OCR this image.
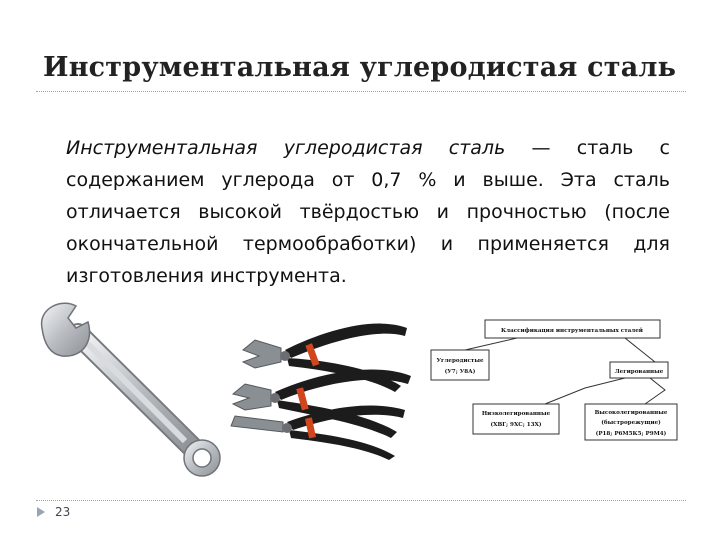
Инструментальная углеродистая сталь
Инструментальная углеродистая сталь — сталь с содержанием углерода от 0,7 % и выше. Эта сталь отличается высокой твёрдостью и прочностью (после окончательной термообработки) и применяется для изготовления инструмента.
Классификация инструментальных сталей
Углеродистые
(У7; У8А)	Легированные
Низколегированные
(ХВГ; 9ХС; 13Х)
Высоколегированные
(быстрорежущие)
(Р18; Р6М5К5; Р9М4)
23
